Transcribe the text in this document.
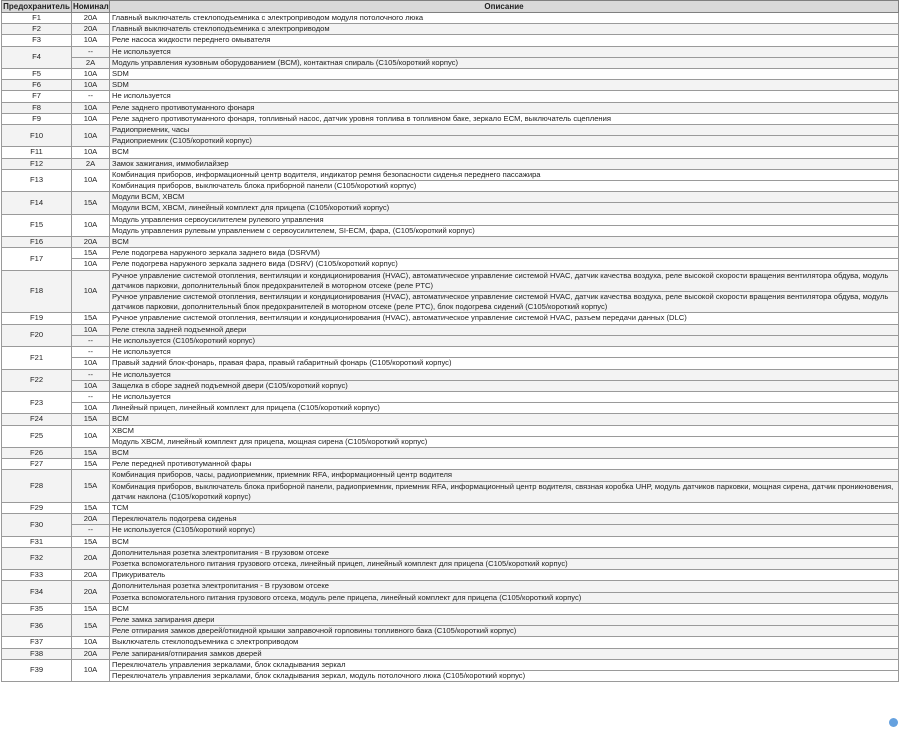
Предохранитель	Номинал	Описание
F1	20A	Главный выключатель стеклоподъемника с электроприводом модуля потолочного люка
F2	20A	Главный выключатель стеклоподъемника с электроприводом
F3	10A	Реле насоса жидкости переднего омывателя
F4	--	Не используется
	2A	Модуль управления кузовным оборудованием (BCM), контактная спираль (C105/короткий корпус)
F5	10A	SDM
F6	10A	SDM
F7	--	Не используется
F8	10A	Реле заднего противотуманного фонаря
F9	10A	Реле заднего противотуманного фонаря, топливный насос, датчик уровня топлива в топливном баке, зеркало ECM, выключатель сцепления
F10	10A	Радиоприемник, часы
		Радиоприемник (C105/короткий корпус)
F11	10A	BCM
F12	2A	Замок зажигания, иммобилайзер
F13	10A	Комбинация приборов, информационный центр водителя, индикатор ремня безопасности сиденья переднего пассажира
		Комбинация приборов, выключатель блока приборной панели (C105/короткий корпус)
F14	15A	Модули BCM, XBCM
		Модули BCM, XBCM, линейный комплект для прицепа (C105/короткий корпус)
F15	10A	Модуль управления сервоусилителем рулевого управления
		Модуль управления рулевым управлением с сервоусилителем, SI-ECM, фара, (C105/короткий корпус)
F16	20A	BCM
F17	15A	Реле подогрева наружного зеркала заднего вида (DSRVM)
	10A	Реле подогрева наружного зеркала заднего вида (DSRV) (C105/короткий корпус)
F18	10A	Ручное управление системой отопления, вентиляции и кондиционирования (HVAC), автоматическое управление системой HVAC, датчик качества воздуха, реле высокой скорости вращения вентилятора обдува, модуль датчиков парковки, дополнительный блок предохранителей в моторном отсеке (реле PTC)
		Ручное управление системой отопления, вентиляции и кондиционирования (HVAC), автоматическое управление системой HVAC, датчик качества воздуха, реле высокой скорости вращения вентилятора обдува, модуль датчиков парковки, дополнительный блок предохранителей в моторном отсеке (реле PTC), блок подогрева сидений (C105/короткий корпус)
F19	15A	Ручное управление системой отопления, вентиляции и кондиционирования (HVAC), автоматическое управление системой HVAC, разъем передачи данных (DLC)
F20	10A	Реле стекла задней подъемной двери
	--	Не используется (C105/короткий корпус)
F21	--	Не используется
	10A	Правый задний блок-фонарь, правая фара, правый габаритный фонарь (C105/короткий корпус)
F22	--	Не используется
	10A	Защелка в сборе задней подъемной двери (C105/короткий корпус)
F23	--	Не используется
	10A	Линейный прицеп, линейный комплект для прицепа (C105/короткий корпус)
F24	15A	BCM
F25	10A	XBCM
		Модуль XBCM, линейный комплект для прицепа, мощная сирена (C105/короткий корпус)
F26	15A	BCM
F27	15A	Реле передней противотуманной фары
F28	15A	Комбинация приборов, часы, радиоприемник, приемник RFA, информационный центр водителя
		Комбинация приборов, выключатель блока приборной панели, радиоприемник, приемник RFA, информационный центр водителя, связная коробка UHP, модуль датчиков парковки, мощная сирена, датчик проникновения, датчик наклона (C105/короткий корпус)
F29	15A	TCM
F30	20A	Переключатель подогрева сиденья
	--	Не используется (C105/короткий корпус)
F31	15A	BCM
F32	20A	Дополнительная розетка электропитания - В грузовом отсеке
		Розетка вспомогательного питания грузового отсека, линейный прицеп, линейный комплект для прицепа (C105/короткий корпус)
F33	20A	Прикуриватель
F34	20A	Дополнительная розетка электропитания - В грузовом отсеке
		Розетка вспомогательного питания грузового отсека, модуль реле прицепа, линейный комплект для прицепа (C105/короткий корпус)
F35	15A	BCM
F36	15A	Реле замка запирания двери
		Реле отпирания замков дверей/откидной крышки заправочной горловины топливного бака (C105/короткий корпус)
F37	10A	Выключатель стеклоподъемника с электроприводом
F38	20A	Реле запирания/отпирания замков дверей
F39	10A	Переключатель управления зеркалами, блок складывания зеркал
		Переключатель управления зеркалами, блок складывания зеркал, модуль потолочного люка (C105/короткий корпус)
